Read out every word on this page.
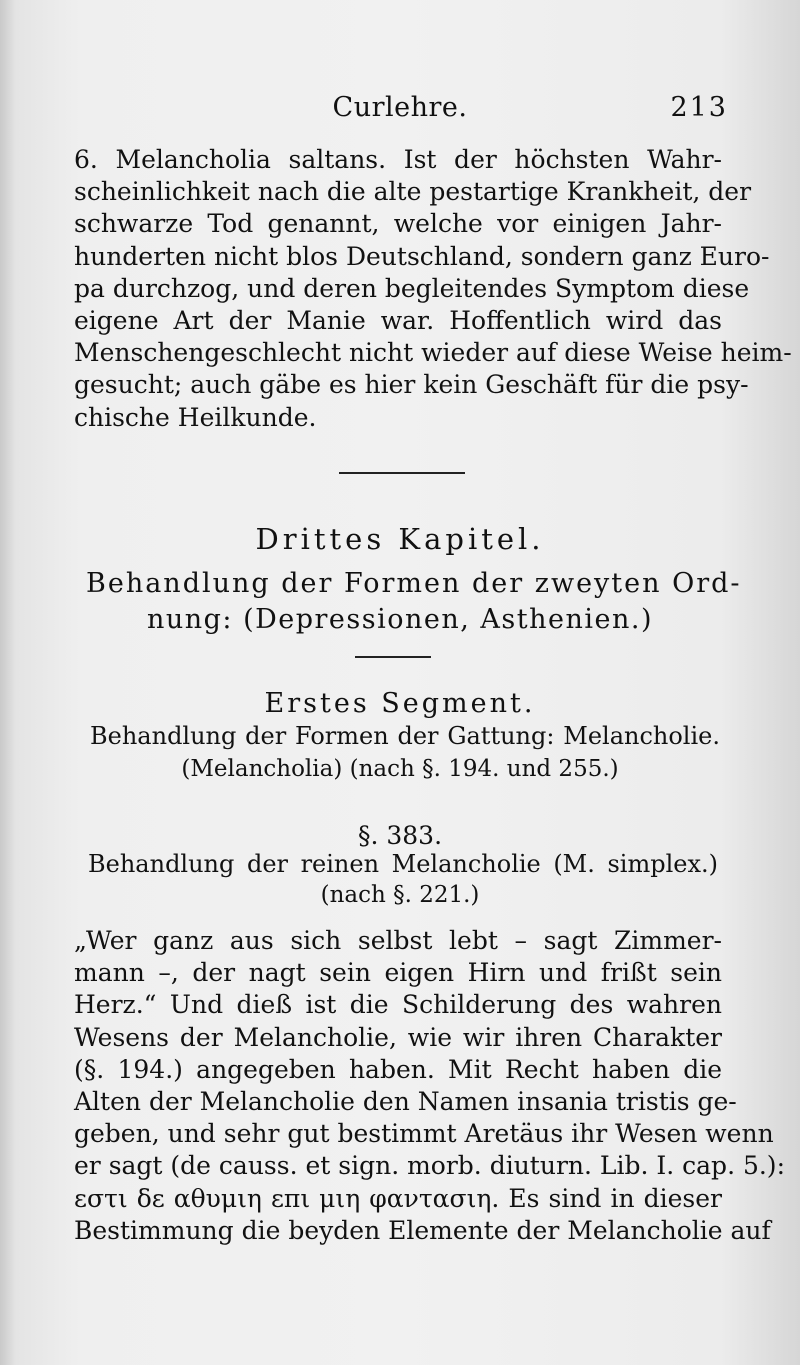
Curlehre.	213
6. Melancholia saltans. Ist der höchsten Wahr-
scheinlichkeit nach die alte pestartige Krankheit, der
schwarze Tod genannt, welche vor einigen Jahr-
hunderten nicht blos Deutschland, sondern ganz Euro-
pa durchzog, und deren begleitendes Symptom diese
eigene Art der Manie war. Hoffentlich wird das
Menschengeschlecht nicht wieder auf diese Weise heim-
gesucht; auch gäbe es hier kein Geschäft für die psy-
chische Heilkunde.
Drittes Kapitel.
Behandlung der Formen der zweyten Ord-
nung: (Depressionen, Asthenien.)
Erstes Segment.
Behandlung der Formen der Gattung: Melancholie.
(Melancholia) (nach §. 194. und 255.)
§. 383.
Behandlung der reinen Melancholie (M. simplex.)
(nach §. 221.)
„Wer ganz aus sich selbst lebt – sagt Zimmer-
mann –, der nagt sein eigen Hirn und frißt sein
Herz.“ Und dieß ist die Schilderung des wahren
Wesens der Melancholie, wie wir ihren Charakter
(§. 194.) angegeben haben. Mit Recht haben die
Alten der Melancholie den Namen insania tristis ge-
geben, und sehr gut bestimmt Aretäus ihr Wesen wenn
er sagt (de causs. et sign. morb. diuturn. Lib. I. cap. 5.):
εστι δε αθυμιη επι μιη φαντασιη. Es sind in dieser
Bestimmung die beyden Elemente der Melancholie auf
